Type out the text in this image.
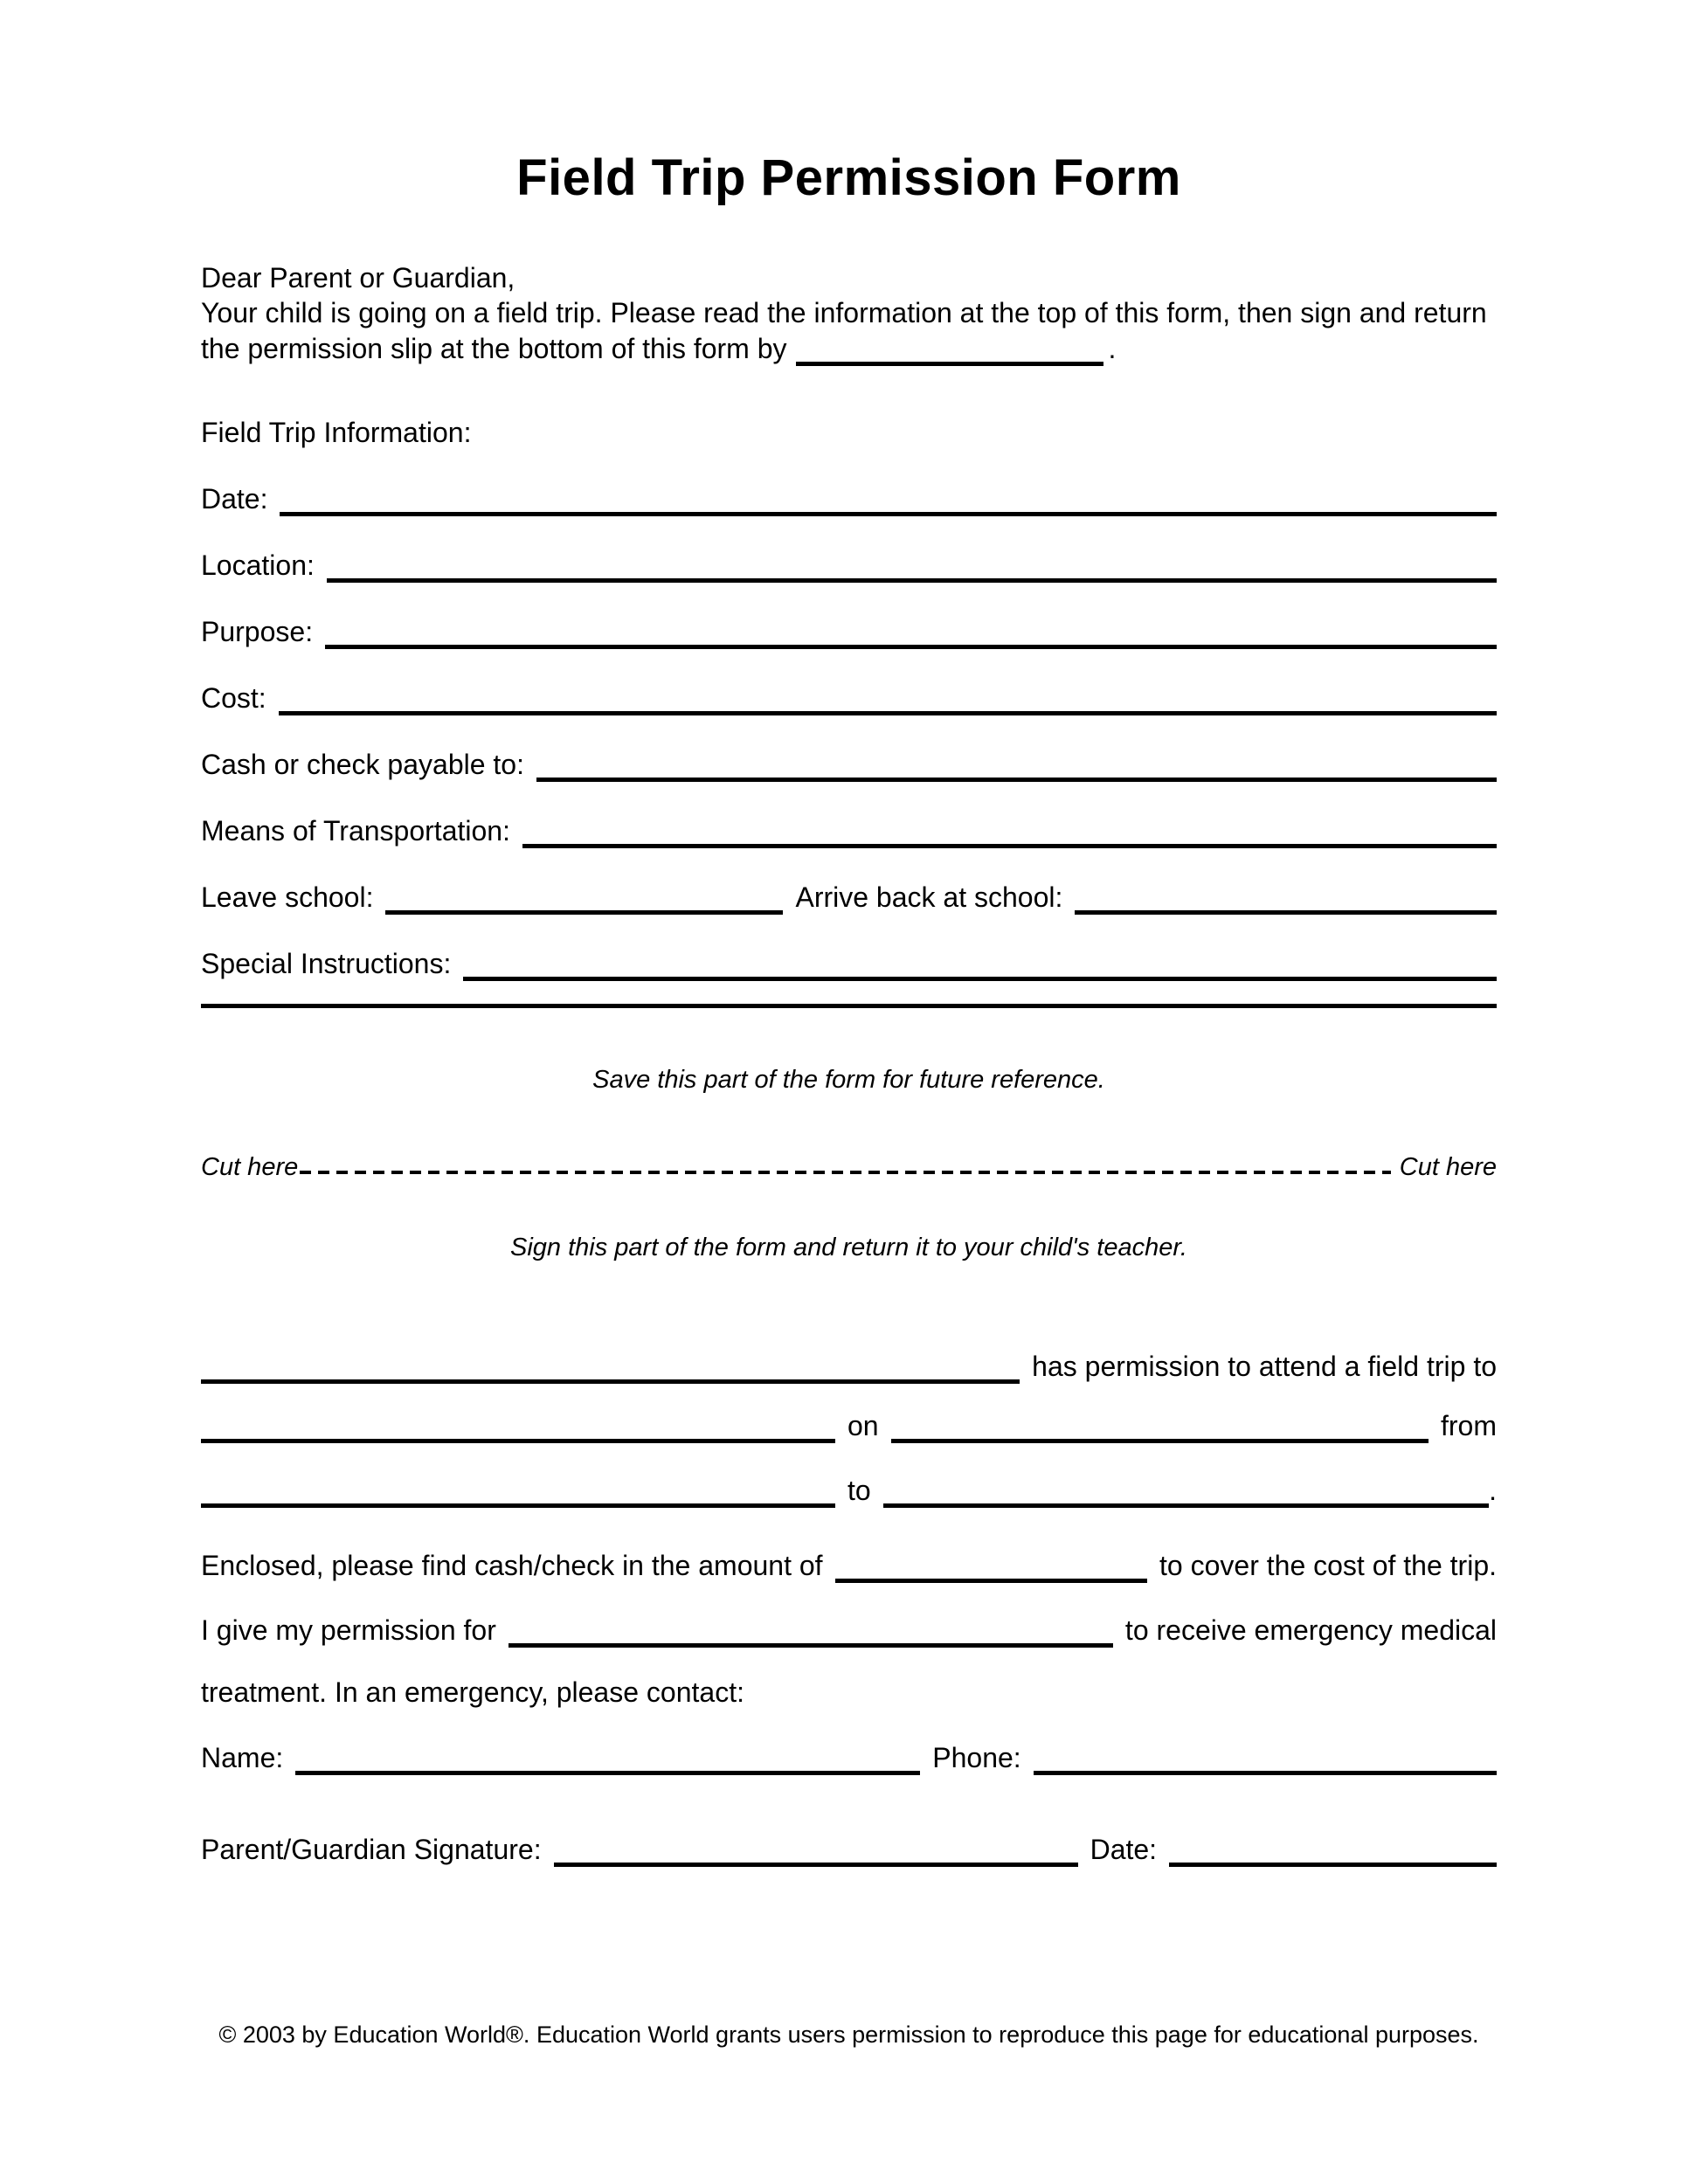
Field Trip Permission Form
Dear Parent or Guardian,
Your child is going on a field trip. Please read the information at the top of this form, then sign and return
the permission slip at the bottom of this form by	.
Field Trip Information:
Date:
Location:
Purpose:
Cost:
Cash or check payable to:
Means of Transportation:
Leave school:	Arrive back at school:
Special Instructions:
Save this part of the form for future reference.
Cut here	Cut here
Sign this part of the form and return it to your child's teacher.
has permission to attend a field trip to
on	from
to	.
Enclosed, please find cash/check in the amount of	to cover the cost of the trip.
I give my permission for	to receive emergency medical
treatment. In an emergency, please contact:
Name:	Phone:
Parent/Guardian Signature:	Date:
© 2003 by Education World®. Education World grants users permission to reproduce this page for educational purposes.
